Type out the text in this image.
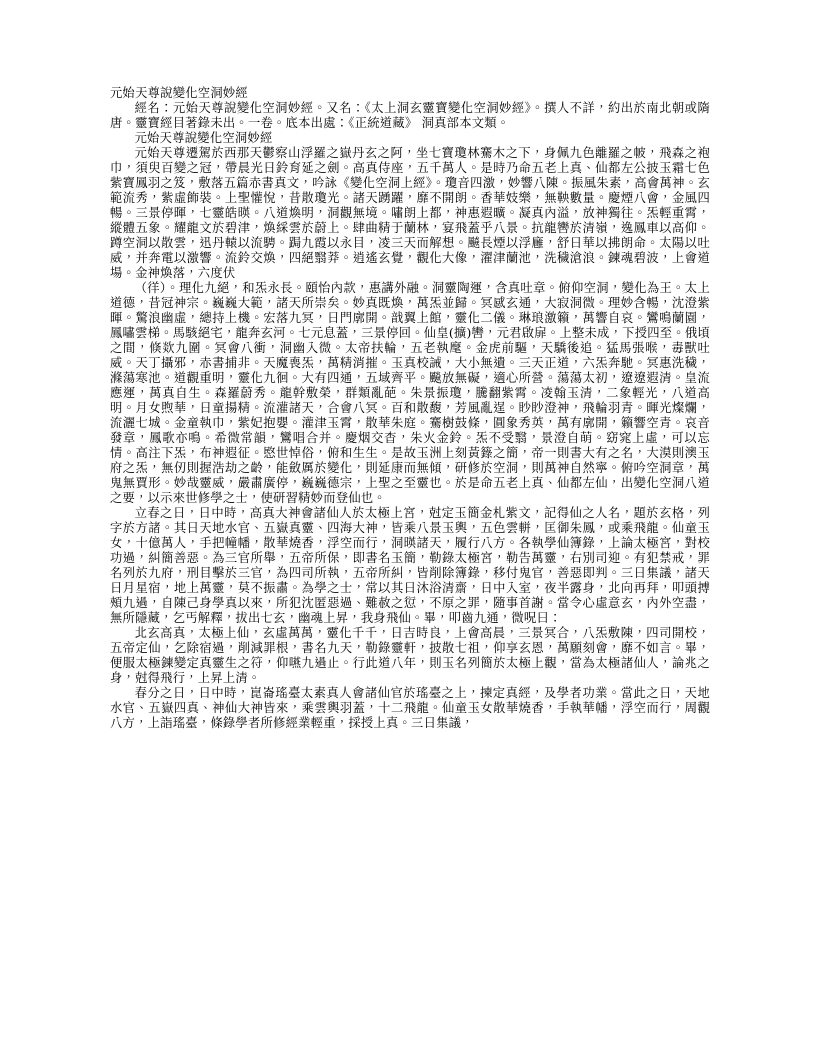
元始天尊說變化空洞妙經

經名：元始天尊說變化空洞妙經。又名：《太上洞玄靈寶變化空洞妙經》。撰人不詳，約出於南北朝或隋唐。靈寶經目著錄未出。一卷。底本出處：《正統道藏》 洞真部本文類。

元始天尊說變化空洞妙經

元始天尊遷駕於西那天鬱察山浮羅之嶽丹玄之阿，坐七寶瓊林騫木之下，身佩九色離羅之帔，飛森之袍巾，須臾百變之冠，帶晨光日鈴育延之劍。高真侍座，五千萬人。是時乃命五老上真、仙都左公披玉霜七色紫寶鳳羽之笈，敷落五篇赤書真文，吟詠《變化空洞上經》。瓊音四激，妙響八陳。振風朱素，高會萬神。玄範流秀，紫虛飾裝。上聖懽悅，昔散瓊光。諸天踴躍，靡不開朗。香華妓樂，無鞅數量。慶煙八會，金風四暢。三景停暉，七靈皓暎。八道煥明，洞觀無境。嘯朗上都，神惠遐曠。凝真內溢，放神獨往。炁輕重霄，縱體五象。耀龍文於碧津，煥綵雲於蔚上。肆曲精于蘭林，宴飛蓋乎八景。抗龍轡於清嶺，逸鳳車以高仰。蹲空洞以散雲，迅丹轅以流騁。跼九霞以永目，凌三天而解想。飇長煙以浮廱，舒日華以拂朗命。太陽以吐威，并奔電以激響。流鈴交煥，四絕翳莽。逍遙玄覺，觀化大像，濯津蘭池，洗穢滄浪。鍊魂碧波，上會道場。金神煥落，六度伏

（徉）。理化九絕，和炁永長。頤怡內款，惠講外融。洞靈陶運，含真吐章。俯仰空洞，變化為王。太上道德，昔冠神宗。巍巍大範，諸天所崇矣。妙真既煥，萬炁並歸。冥感玄通，大寂洞微。理妙含暢，沈澄紫暉。驚浪幽虛，總持上機。宏落九冥，日門廓開。戠翼上館，靈化二儀。琳琅激籟，萬響自哀。鸞鳴蘭園，鳳嘯雲梯。馬駭絕宅，龍奔玄河。七元息蓋，三景停回。仙皇(擴)轡，元君啟扉。上整未成，下授四至。俄頃之間，倏欻九圍。冥會八衝，洞幽入微。太帝扶輪，五老執麾。金虎前驅，天驕後追。猛馬張喉，毒獸吐威。天丁攝邪，赤書捕非。天魔喪炁，萬精消摧。玉真校誡，大小無遺。三天正道，六炁奔馳。冥惠洗穢，滌蕩寒池。道觀重明，靈化九徊。大有四通，五域齊平。飈放無礙，適心所營。蕩蕩太初，遼遼遐清。皇流應運，萬真自生。森羅蔚秀。龍幹敷榮，群類亂葩。朱景振瓊，騰翻紫霄。凌翰玉清，二象輕光，八道高明。月女煦華，日童揚精。流灌諸天，合會八冥。百和散馥，芳風亂逞。眇眇澄神，飛輪羽青。暉光燦爛，流灑七城。金童執巾，紫妃抱嬰。灌津玉霄，散華朱庭。騫樹鼓條，圓象秀英，萬有廓開，籟響空青。哀音發章，鳳歌亦鳴。希微常韻，鸞唱合并。慶烟交杳，朱火金鈴。炁不受翳，景澄自萌。窈窕上虛，可以忘情。高注下炁，布神遐征。愍世悼俗，俯和生生。是故玉洲上刻黃籙之簡，帝一則書大有之名，大漠則澳玉府之炁，無仞則握浩劫之齡，能斂厲於變化，則延康而無傾，研修於空洞，則萬神自然寧。俯吟空洞章，萬鬼無賈形。妙哉靈威，嚴肅廣停，巍巍德宗，上聖之至靈也。於是命五老上真、仙都左仙，出變化空洞八道之要，以示來世修學之士，使研習精妙而登仙也。

立春之日，日中時，高真大神會諸仙人於太極上宮，尅定玉簡金札紫文，記得仙之人名，題於玄格，列字於方諸。其日天地水官、五嶽真靈、四海大神，皆乘八景玉輿，五色雲軿，匡御朱鳳，或乘飛龍。仙童玉女，十億萬人，手把幢幡，散華燒香，浮空而行，洞暎諸天，履行八方。各執學仙簿錄，上論太極宮，對校功過，糾簡善惡。為三官所舉，五帝所保，即書名玉簡，勒錄太極宮，勒告萬靈，右別司迎。有犯禁戒，罪名列於九府，刑目擊於三官，為四司所執，五帝所糾，皆削除簿錄，移付鬼官，善惡即判。三日集議，諸天日月星宿，地上萬靈，莫不振肅。為學之士，常以其日沐浴清齋，日中入室，夜半露身，北向再拜，叩頭搏頰九過，自陳己身學真以來，所犯沈匿惡過、難赦之愆，不原之罪，隨事首謝。當令心虛意玄，內外空盡，無所隱藏，乞丐解釋，拔出七玄，幽魂上昇，我身飛仙。畢，叩齒九通，微呪曰：

北玄高真，太極上仙，玄虛萬萬，靈化千千，日吉時良，上會高晨，三景冥合，八炁敷陳，四司開校，五帝定仙，乞除宿過，削減罪根，書名九天，勒錄靈軒，披散七祖，仰享玄恩，萬願刻會，靡不如言。畢，便服太極鍊變定真靈生之符，仰嚥九過止。行此道八年，則玉名列簡於太極上觀，當為太極諸仙人，論兆之身，尅得飛行，上昇上清。

春分之日，日中時，崑崙瑤臺太素真人會諸仙官於瑤臺之上，揀定真經，及學者功業。當此之日，天地水官、五嶽四真、神仙大神皆來，乘雲輿羽蓋，十二飛龍。仙童玉女散華燒香，手執華幡，浮空而行，周觀八方，上詣瑤臺，條錄學者所修經業輕重，採授上真。三日集議，
